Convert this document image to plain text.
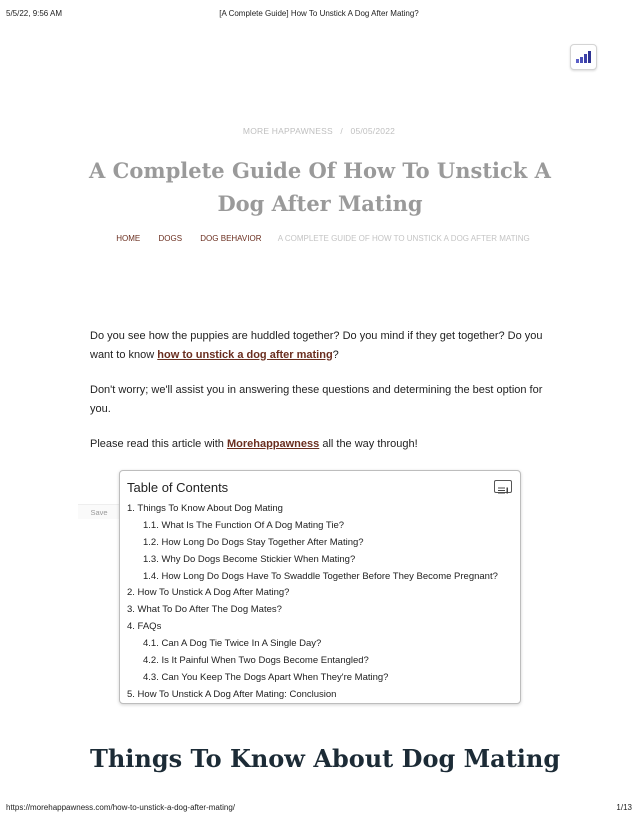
5/5/22, 9:56 AM	[A Complete Guide] How To Unstick A Dog After Mating?
MORE HAPPAWNESS / 05/05/2022
A Complete Guide Of How To Unstick A Dog After Mating
HOME DOGS DOG BEHAVIOR A COMPLETE GUIDE OF HOW TO UNSTICK A DOG AFTER MATING
Do you see how the puppies are huddled together? Do you mind if they get together? Do you want to know how to unstick a dog after mating?
Don't worry; we'll assist you in answering these questions and determining the best option for you.
Please read this article with Morehappawness all the way through!
Save
Table of Contents
1. Things To Know About Dog Mating
1.1. What Is The Function Of A Dog Mating Tie?
1.2. How Long Do Dogs Stay Together After Mating?
1.3. Why Do Dogs Become Stickier When Mating?
1.4. How Long Do Dogs Have To Swaddle Together Before They Become Pregnant?
2. How To Unstick A Dog After Mating?
3. What To Do After The Dog Mates?
4. FAQs
4.1. Can A Dog Tie Twice In A Single Day?
4.2. Is It Painful When Two Dogs Become Entangled?
4.3. Can You Keep The Dogs Apart When They're Mating?
5. How To Unstick A Dog After Mating: Conclusion
Things To Know About Dog Mating
https://morehappawness.com/how-to-unstick-a-dog-after-mating/	1/13
